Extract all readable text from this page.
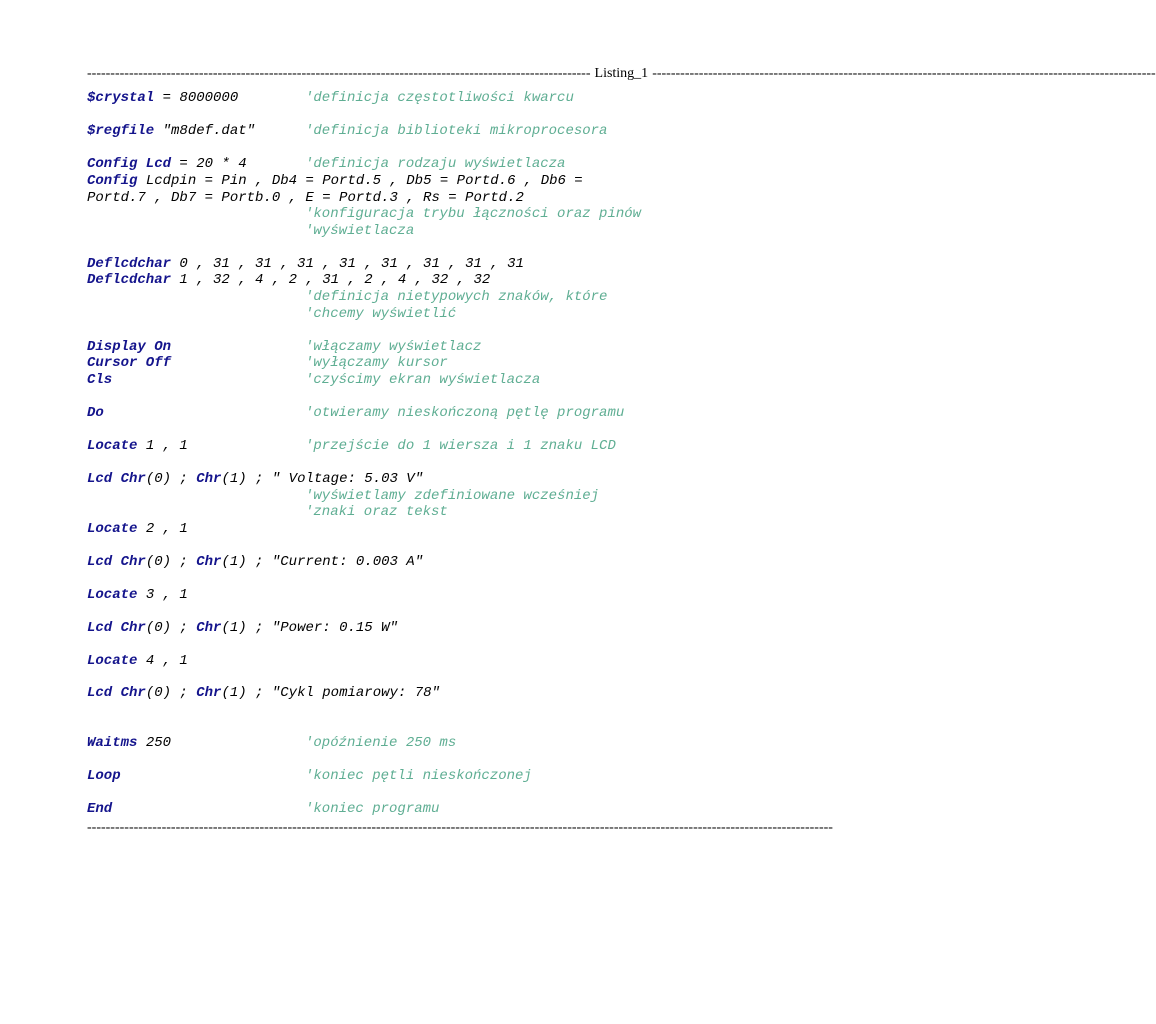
------------------------------------------------------------------------------------------------------------ Listing_1 ------------------------------------------------------------------------------------------------------------
$crystal = 8000000	'definicja częstotliwości kwarcu
$regfile "m8def.dat"	'definicja biblioteki mikroprocesora
Config Lcd = 20 * 4	'definicja rodzaju wyświetlacza
Config Lcdpin = Pin , Db4 = Portd.5 , Db5 = Portd.6 , Db6 =
Portd.7 , Db7 = Portb.0 , E = Portd.3 , Rs = Portd.2
'konfiguracja trybu łączności oraz pinów
'wyświetlacza
Deflcdchar 0 , 31 , 31 , 31 , 31 , 31 , 31 , 31 , 31
Deflcdchar 1 , 32 , 4 , 2 , 31 , 2 , 4 , 32 , 32
'definicja nietypowych znaków, które
'chcemy wyświetlić
Display On	'włączamy wyświetlacz
Cursor Off	'wyłączamy kursor
Cls	'czyścimy ekran wyświetlacza
Do	'otwieramy nieskończoną pętlę programu
Locate 1 , 1	'przejście do 1 wiersza i 1 znaku LCD
Lcd Chr(0) ; Chr(1) ; " Voltage: 5.03 V"
'wyświetlamy zdefiniowane wcześniej
'znaki oraz tekst
Locate 2 , 1
Lcd Chr(0) ; Chr(1) ; "Current: 0.003 A"
Locate 3 , 1
Lcd Chr(0) ; Chr(1) ; "Power: 0.15 W"
Locate 4 , 1
Lcd Chr(0) ; Chr(1) ; "Cykl pomiarowy: 78"
Waitms 250	'opóźnienie 250 ms
Loop	'koniec pętli nieskończonej
End	'koniec programu
----------------------------------------------------------------------------------------------------------------------------------------------------------------
